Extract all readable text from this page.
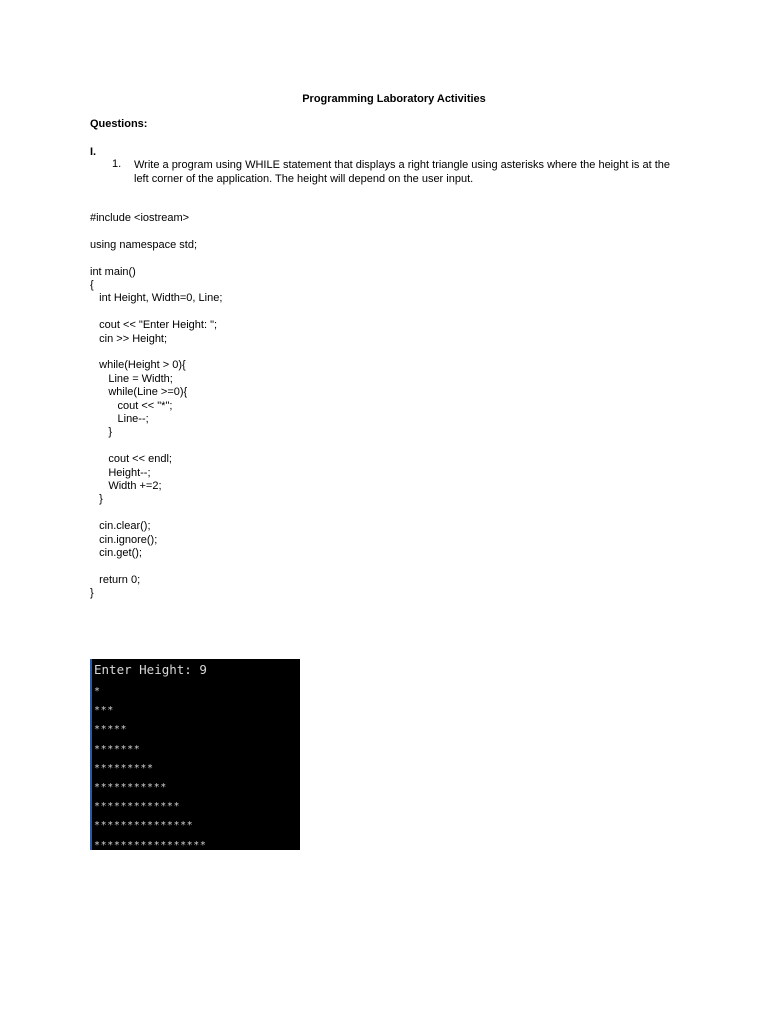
Programming Laboratory Activities
Questions:
I.
1. Write a program using WHILE statement that displays a right triangle using asterisks where the height is at the left corner of the application. The height will depend on the user input.
#include <iostream>
using namespace std;
int main()
{
int Height, Width=0, Line;
cout << "Enter Height: ";
cin >> Height;
while(Height > 0){
Line = Width;
while(Line >=0){
cout << "*";
Line--;
}
cout << endl;
Height--;
Width +=2;
}
cin.clear();
cin.ignore();
cin.get();
return 0;
}
Enter Height: 9
*
***
*****
*******
*********
***********
*************
***************
*****************
